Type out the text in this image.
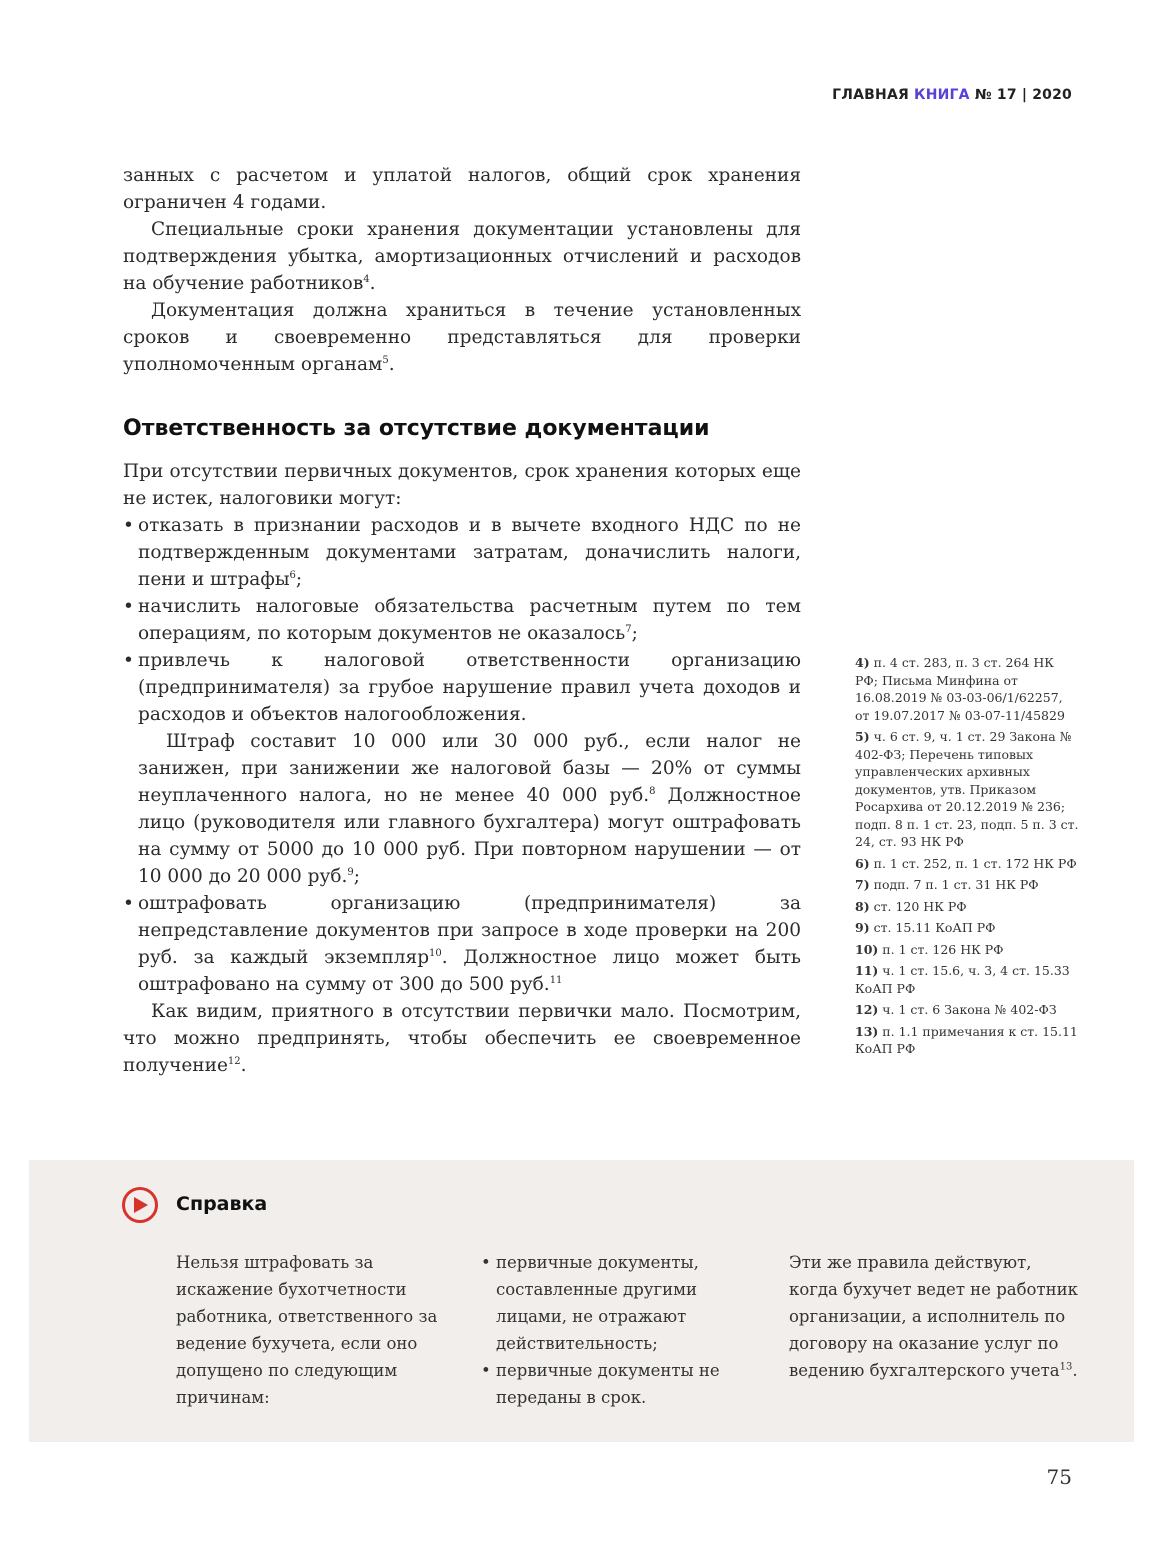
ГЛАВНАЯ КНИГА № 17 | 2020

занных с расчетом и уплатой налогов, общий срок хранения ограничен 4 годами.

Специальные сроки хранения документации установлены для подтверждения убытка, амортизационных отчислений и расходов на обучение работников$^4$.

Документация должна храниться в течение установленных сроков и своевременно представляться для проверки уполномоченным органам$^5$.

Ответственность за отсутствие документации

При отсутствии первичных документов, срок хранения которых еще не истек, налоговики могут:

• отказать в признании расходов и в вычете входного НДС по не подтвержденным документами затратам, доначислить налоги, пени и штрафы$^6$;
• начислить налоговые обязательства расчетным путем по тем операциям, по которым документов не оказалось$^7$;
• привлечь к налоговой ответственности организацию (предпринимателя) за грубое нарушение правил учета доходов и расходов и объектов налогообложения.
Штраф составит 10 000 или 30 000 руб., если налог не занижен, при занижении же налоговой базы — 20% от суммы неуплаченного налога, но не менее 40 000 руб.$^8$ Должностное лицо (руководителя или главного бухгалтера) могут оштрафовать на сумму от 5000 до 10 000 руб. При повторном нарушении — от 10 000 до 20 000 руб.$^9$;
• оштрафовать организацию (предпринимателя) за непредставление документов при запросе в ходе проверки на 200 руб. за каждый экземпляр$^{10}$. Должностное лицо может быть оштрафовано на сумму от 300 до 500 руб.$^{11}$

Как видим, приятного в отсутствии первички мало. Посмотрим, что можно предпринять, чтобы обеспечить ее своевременное получение$^{12}$.

4) п. 4 ст. 283, п. 3 ст. 264 НК РФ; Письма Минфина от 16.08.2019 № 03-03-06/1/62257, от 19.07.2017 № 03-07-11/45829
5) ч. 6 ст. 9, ч. 1 ст. 29 Закона № 402-ФЗ; Перечень типовых управленческих архивных документов, утв. Приказом Росархива от 20.12.2019 № 236; подп. 8 п. 1 ст. 23, подп. 5 п. 3 ст. 24, ст. 93 НК РФ
6) п. 1 ст. 252, п. 1 ст. 172 НК РФ
7) подп. 7 п. 1 ст. 31 НК РФ
8) ст. 120 НК РФ
9) ст. 15.11 КоАП РФ
10) п. 1 ст. 126 НК РФ
11) ч. 1 ст. 15.6, ч. 3, 4 ст. 15.33 КоАП РФ
12) ч. 1 ст. 6 Закона № 402-ФЗ
13) п. 1.1 примечания к ст. 15.11 КоАП РФ
Справка

Нельзя штрафовать за искажение бухотчетности работника, ответственного за ведение бухучета, если оно допущено по следующим причинам:

• первичные документы, составленные другими лицами, не отражают действительность;
• первичные документы не переданы в срок.

Эти же правила действуют, когда бухучет ведет не работник организации, а исполнитель по договору на оказание услуг по ведению бухгалтерского учета$^{13}$.

75
